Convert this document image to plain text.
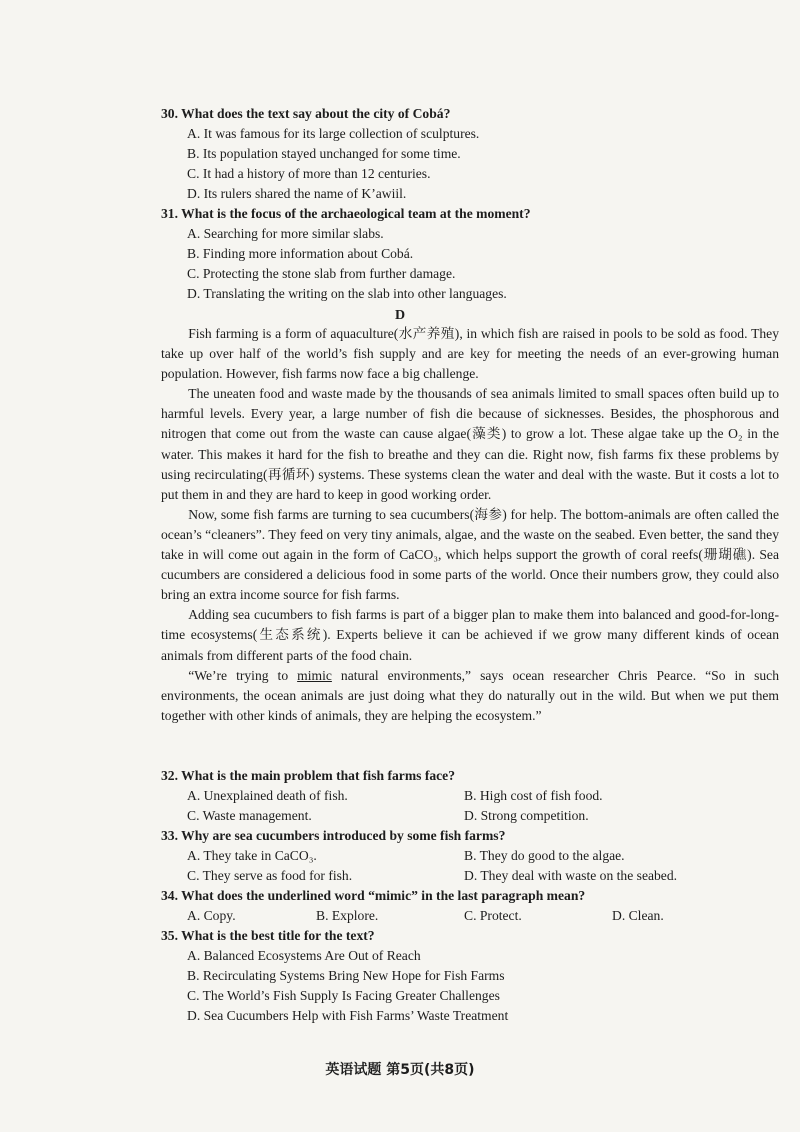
30. What does the text say about the city of Cobá?
A. It was famous for its large collection of sculptures.
B. Its population stayed unchanged for some time.
C. It had a history of more than 12 centuries.
D. Its rulers shared the name of K’awiil.
31. What is the focus of the archaeological team at the moment?
A. Searching for more similar slabs.
B. Finding more information about Cobá.
C. Protecting the stone slab from further damage.
D. Translating the writing on the slab into other languages.
D

Fish farming is a form of aquaculture(水产养殖), in which fish are raised in pools to be sold as food. They take up over half of the world’s fish supply and are key for meeting the needs of an ever-growing human population. However, fish farms now face a big challenge.

The uneaten food and waste made by the thousands of sea animals limited to small spaces often build up to harmful levels. Every year, a large number of fish die because of sicknesses. Besides, the phosphorous and nitrogen that come out from the waste can cause algae(藻类) to grow a lot. These algae take up the O₂ in the water. This makes it hard for the fish to breathe and they can die. Right now, fish farms fix these problems by using recirculating(再循环) systems. These systems clean the water and deal with the waste. But it costs a lot to put them in and they are hard to keep in good working order.

Now, some fish farms are turning to sea cucumbers(海参) for help. The bottom-animals are often called the ocean’s “cleaners”. They feed on very tiny animals, algae, and the waste on the seabed. Even better, the sand they take in will come out again in the form of CaCO₃, which helps support the growth of coral reefs(珊瑚礁). Sea cucumbers are considered a delicious food in some parts of the world. Once their numbers grow, they could also bring an extra income source for fish farms.

Adding sea cucumbers to fish farms is part of a bigger plan to make them into balanced and good-for-long-time ecosystems(生态系统). Experts believe it can be achieved if we grow many different kinds of ocean animals from different parts of the food chain.

“We’re trying to mimic natural environments,” says ocean researcher Chris Pearce. “So in such environments, the ocean animals are just doing what they do naturally out in the wild. But when we put them together with other kinds of animals, they are helping the ecosystem.”

32. What is the main problem that fish farms face?
A. Unexplained death of fish.	B. High cost of fish food.
C. Waste management.	D. Strong competition.
33. Why are sea cucumbers introduced by some fish farms?
A. They take in CaCO₃.	B. They do good to the algae.
C. They serve as food for fish.	D. They deal with waste on the seabed.
34. What does the underlined word “mimic” in the last paragraph mean?
A. Copy.	B. Explore.	C. Protect.	D. Clean.
35. What is the best title for the text?
A. Balanced Ecosystems Are Out of Reach
B. Recirculating Systems Bring New Hope for Fish Farms
C. The World’s Fish Supply Is Facing Greater Challenges
D. Sea Cucumbers Help with Fish Farms’ Waste Treatment
英语试题 第5页(共8页)
